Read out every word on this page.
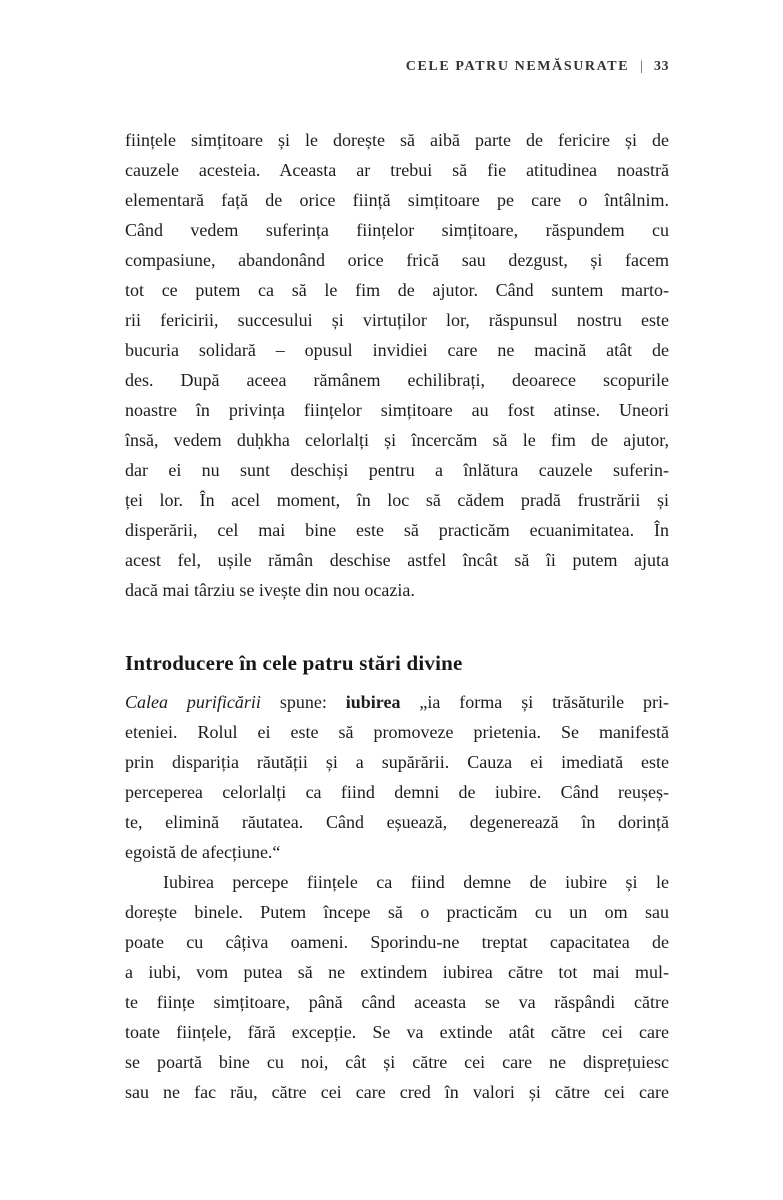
CELE PATRU NEMĂSURATE | 33
ființele simțitoare și le dorește să aibă parte de fericire și de
cauzele acesteia. Aceasta ar trebui să fie atitudinea noastră
elementară față de orice ființă simțitoare pe care o întâlnim.
Când vedem suferința ființelor simțitoare, răspundem cu
compasiune, abandonând orice frică sau dezgust, și facem
tot ce putem ca să le fim de ajutor. Când suntem marto-
rii fericirii, succesului și virtuților lor, răspunsul nostru este
bucuria solidară – opusul invidiei care ne macină atât de
des. După aceea rămânem echilibrați, deoarece scopurile
noastre în privința ființelor simțitoare au fost atinse. Uneori
însă, vedem duḥkha celorlalți și încercăm să le fim de ajutor,
dar ei nu sunt deschiși pentru a înlătura cauzele suferin-
ței lor. În acel moment, în loc să cădem pradă frustrării și
disperării, cel mai bine este să practicăm ecuanimitatea. În
acest fel, ușile rămân deschise astfel încât să îi putem ajuta
dacă mai târziu se ivește din nou ocazia.
Introducere în cele patru stări divine
Calea purificării spune: iubirea „ia forma și trăsăturile pri-
eteniei. Rolul ei este să promoveze prietenia. Se manifestă
prin dispariția răutății și a supărării. Cauza ei imediată este
perceperea celorlalți ca fiind demni de iubire. Când reușeș-
te, elimină răutatea. Când eșuează, degenerează în dorință
egoistă de afecțiune.“
Iubirea percepe ființele ca fiind demne de iubire și le
dorește binele. Putem începe să o practicăm cu un om sau
poate cu câțiva oameni. Sporindu-ne treptat capacitatea de
a iubi, vom putea să ne extindem iubirea către tot mai mul-
te ființe simțitoare, până când aceasta se va răspândi către
toate ființele, fără excepție. Se va extinde atât către cei care
se poartă bine cu noi, cât și către cei care ne disprețuiesc
sau ne fac rău, către cei care cred în valori și către cei care
